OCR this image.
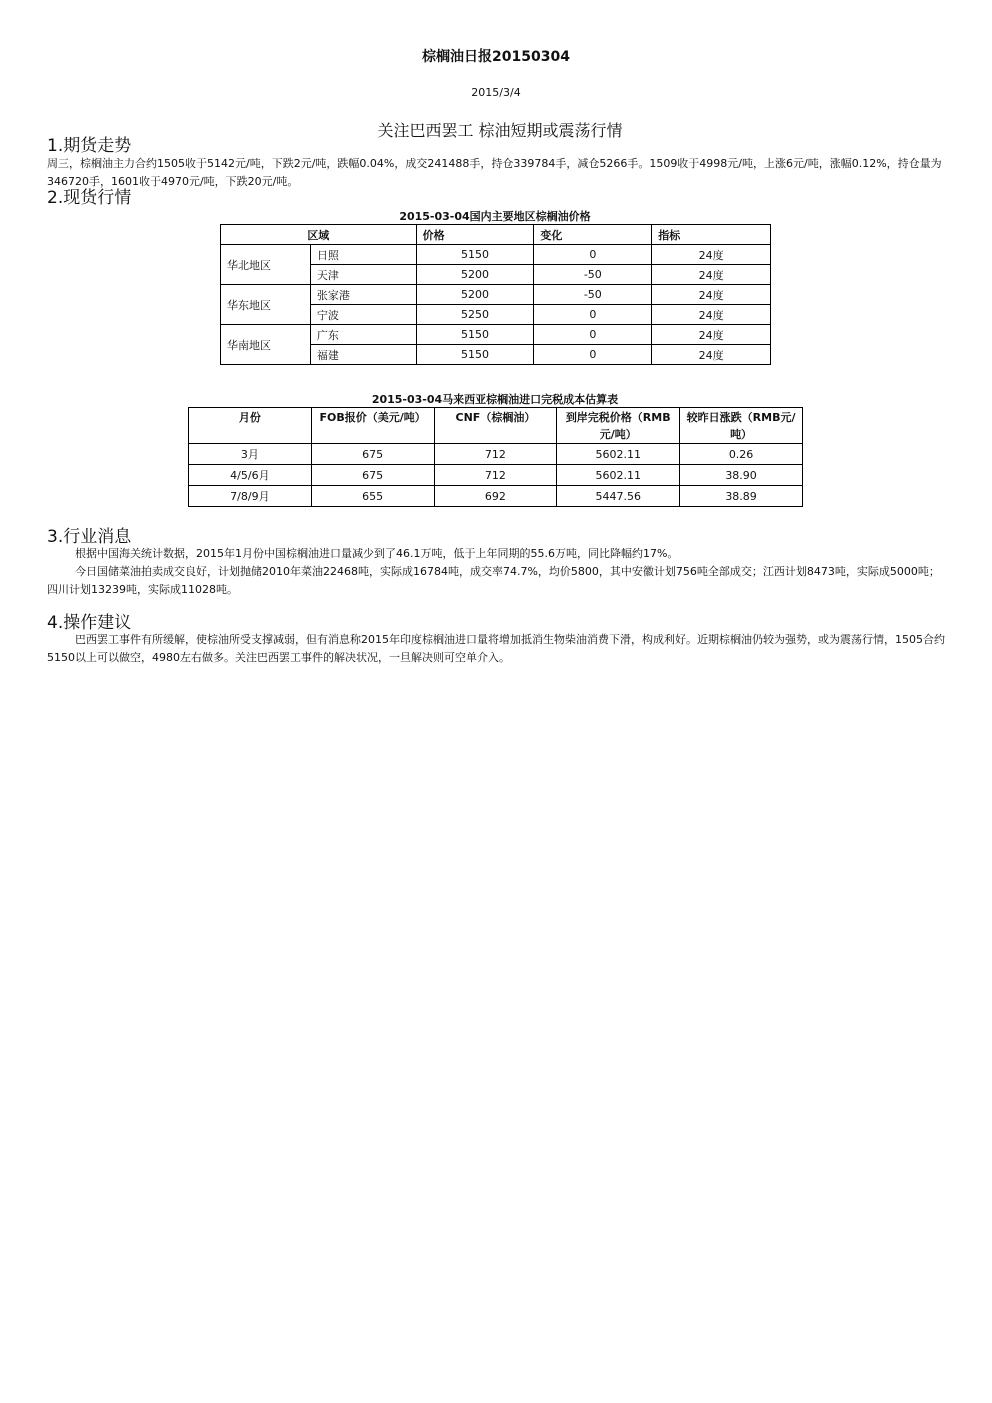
棕榈油日报20150304
2015/3/4
关注巴西罢工 棕油短期或震荡行情
1.期货走势
周三，棕榈油主力合约1505收于5142元/吨，下跌2元/吨，跌幅0.04%，成交241488手，持仓339784手，减仓5266手。1509收于4998元/吨，上涨6元/吨，涨幅0.12%，持仓量为346720手，1601收于4970元/吨，下跌20元/吨。
2.现货行情
2015-03-04国内主要地区棕榈油价格
区域		价格	变化	指标
华北地区	日照	5150	0	24度
	天津	5200	-50	24度
华东地区	张家港	5200	-50	24度
	宁波	5250	0	24度
华南地区	广东	5150	0	24度
	福建	5150	0	24度
2015-03-04马来西亚棕榈油进口完税成本估算表
月份	FOB报价（美元/吨）	CNF（棕榈油）	到岸完税价格（RMB元/吨）	较昨日涨跌（RMB元/吨）
3月	675	712	5602.11	0.26
4/5/6月	675	712	5602.11	38.90
7/8/9月	655	692	5447.56	38.89
3.行业消息
根据中国海关统计数据，2015年1月份中国棕榈油进口量减少到了46.1万吨，低于上年同期的55.6万吨，同比降幅约17%。
今日国储菜油拍卖成交良好，计划抛储2010年菜油22468吨，实际成16784吨，成交率74.7%，均价5800，其中安徽计划756吨全部成交；江西计划8473吨，实际成5000吨；四川计划13239吨，实际成11028吨。
4.操作建议
巴西罢工事件有所缓解，使棕油所受支撑减弱，但有消息称2015年印度棕榈油进口量将增加抵消生物柴油消费下滑，构成利好。近期棕榈油仍较为强势，或为震荡行情，1505合约5150以上可以做空，4980左右做多。关注巴西罢工事件的解决状况，一旦解决则可空单介入。
